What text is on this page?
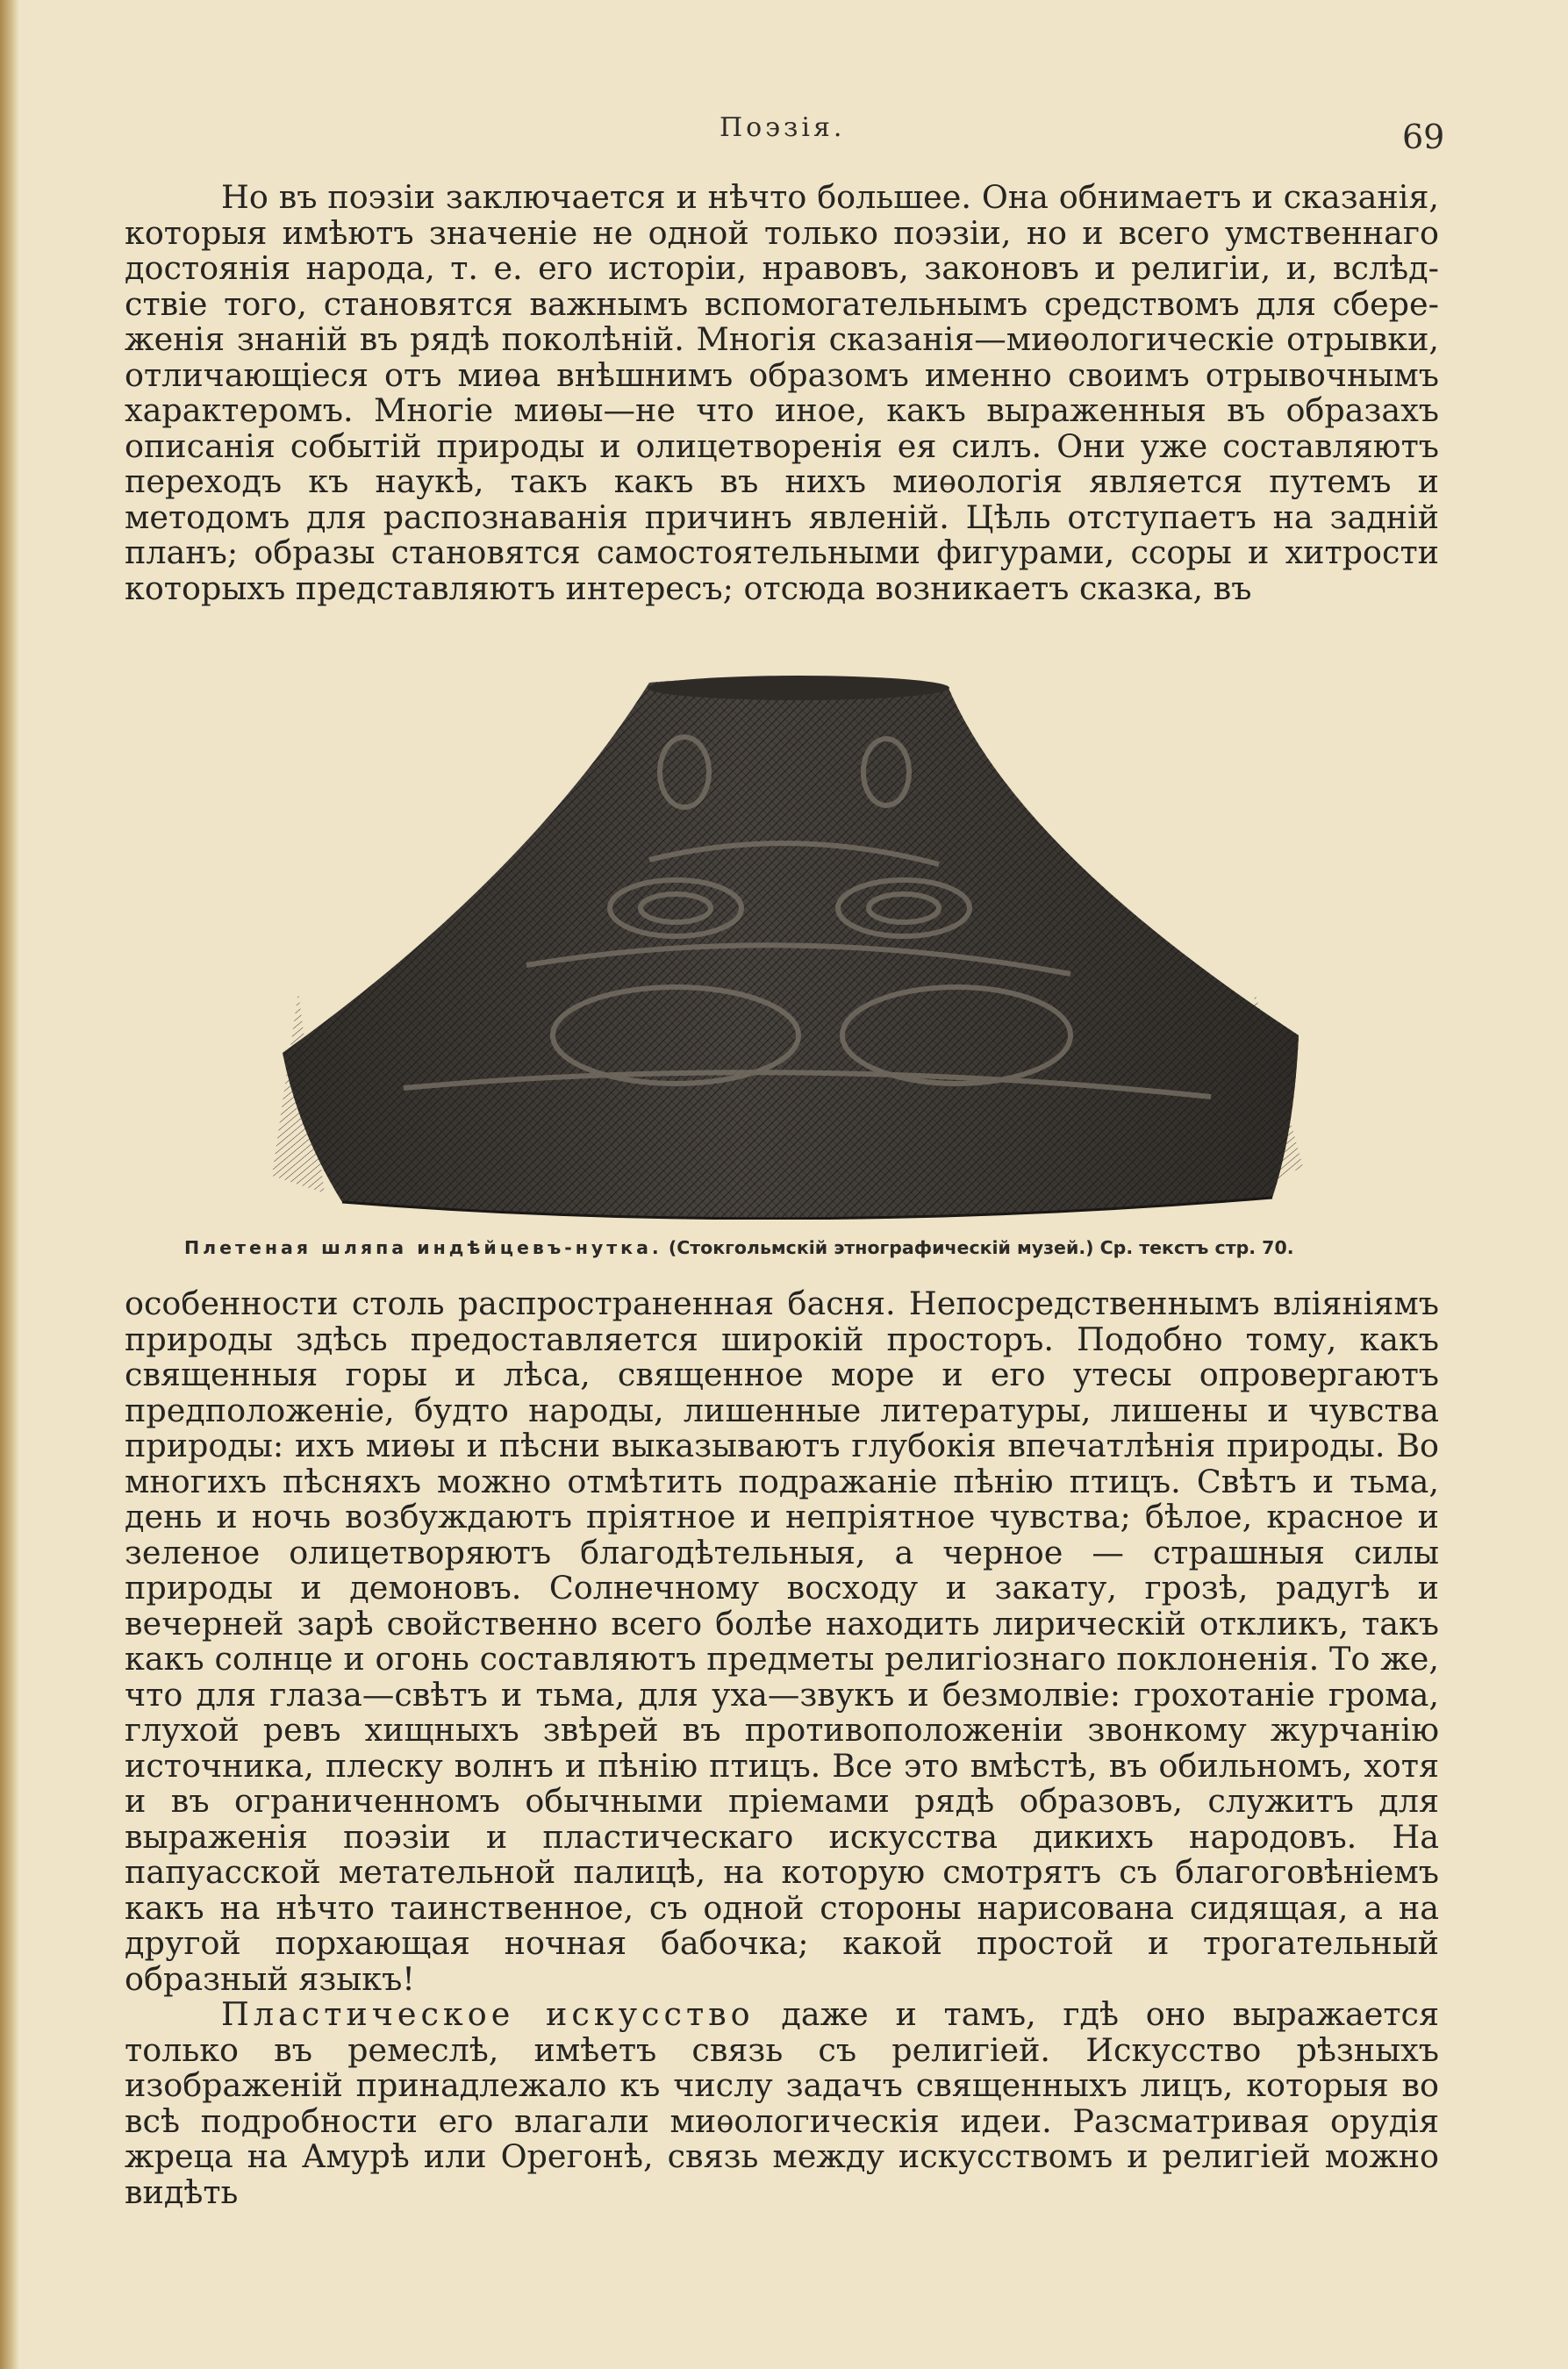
Поэзія.	69

Но въ поэзіи заключается и нѣчто большее. Она обнимаетъ и сказанія, которыя имѣютъ значеніе не одной только поэзіи, но и всего умственнаго достоянія народа, т. е. его исторіи, нравовъ, законовъ и религіи, и, вслѣдствіе того, становятся важнымъ вспомогательнымъ средствомъ для сбереженія знаній въ рядѣ поколѣній. Многія сказанія—миѳологическіе отрывки, отличающіеся отъ миѳа внѣшнимъ образомъ именно своимъ отрывочнымъ характеромъ. Многіе миѳы—не что иное, какъ выраженныя въ образахъ описанія событій природы и олицетворенія ея силъ. Они уже составляютъ переходъ къ наукѣ, такъ какъ въ нихъ миѳологія является путемъ и методомъ для распознаванія причинъ явленій. Цѣль отступаетъ на задній планъ; образы становятся самостоятельными фигурами, ссоры и хитрости которыхъ представляютъ интересъ; отсюда возникаетъ сказка, въ

Плетеная шляпа индѣйцевъ-нутка. (Стокгольмскій этнографическій музей.) Ср. текстъ стр. 70.

особенности столь распространенная басня. Непосредственнымъ вліяніямъ природы здѣсь предоставляется широкій просторъ. Подобно тому, какъ священныя горы и лѣса, священное море и его утесы опровергаютъ предположеніе, будто народы, лишенные литературы, лишены и чувства природы: ихъ миѳы и пѣсни выказываютъ глубокія впечатлѣнія природы. Во многихъ пѣсняхъ можно отмѣтить подражаніе пѣнію птицъ. Свѣтъ и тьма, день и ночь возбуждаютъ пріятное и непріятное чувства; бѣлое, красное и зеленое олицетворяютъ благодѣтельныя, а черное — страшныя силы природы и демоновъ. Солнечному восходу и закату, грозѣ, радугѣ и вечерней зарѣ свойственно всего болѣе находить лирическій откликъ, такъ какъ солнце и огонь составляютъ предметы религіознаго поклоненія. То же, что для глаза—свѣтъ и тьма, для уха—звукъ и безмолвіе: грохотаніе грома, глухой ревъ хищныхъ звѣрей въ противоположеніи звонкому журчанію источника, плеску волнъ и пѣнію птицъ. Все это вмѣстѣ, въ обильномъ, хотя и въ ограниченномъ обычными пріемами рядѣ образовъ, служитъ для выраженія поэзіи и пластическаго искусства дикихъ народовъ. На папуасской метательной палицѣ, на которую смотрятъ съ благоговѣніемъ какъ на нѣчто таинственное, съ одной стороны нарисована сидящая, а на другой порхающая ночная бабочка; какой простой и трогательный образный языкъ!

Пластическое искусство даже и тамъ, гдѣ оно выражается только въ ремеслѣ, имѣетъ связь съ религіей. Искусство рѣзныхъ изображеній принадлежало къ числу задачъ священныхъ лицъ, которыя во всѣ подробности его влагали миѳологическія идеи. Разсматривая орудія жреца на Амурѣ или Орегонѣ, связь между искусствомъ и религіей можно видѣть
